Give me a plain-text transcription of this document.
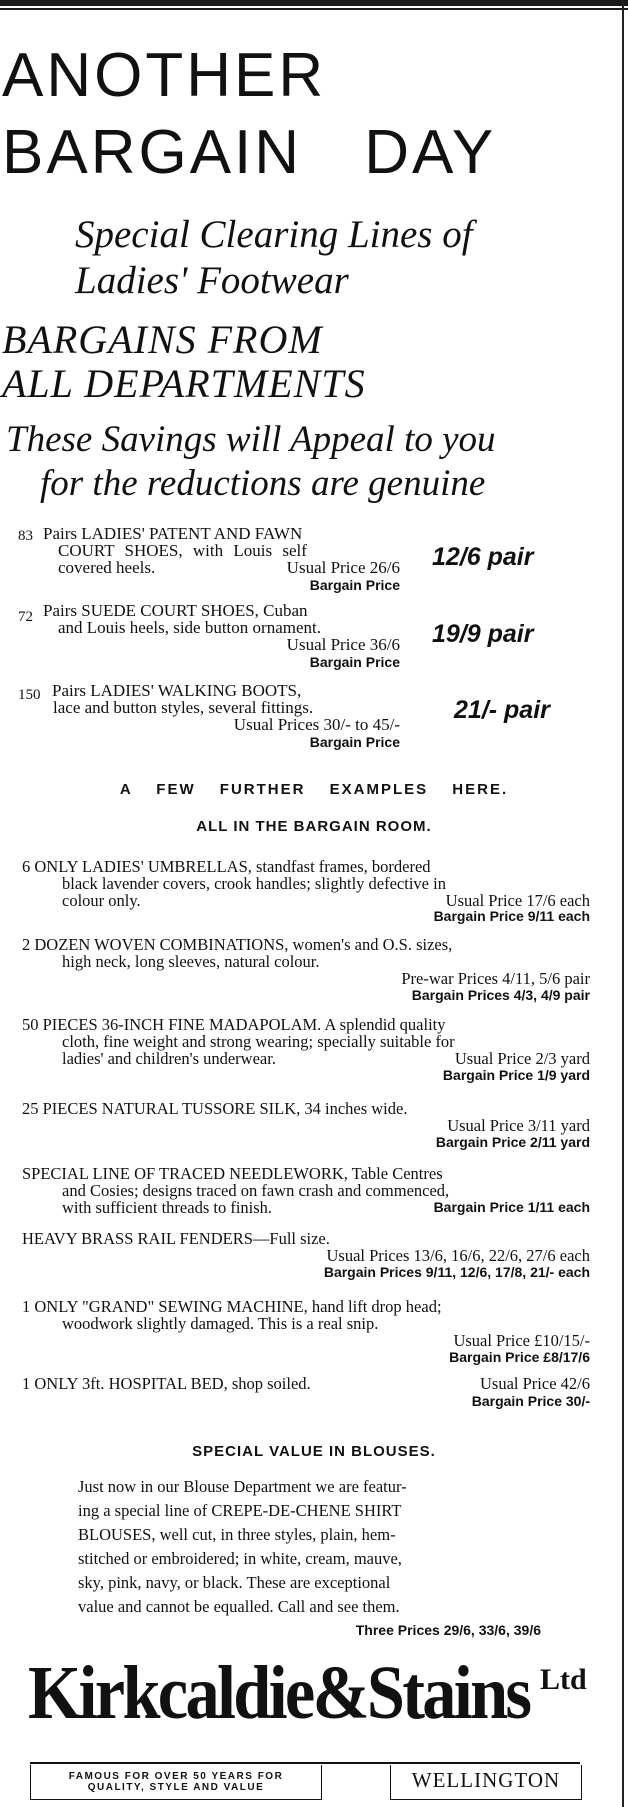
ANOTHER
BARGAIN DAY
Special Clearing Lines of
Ladies' Footwear
BARGAINS FROM
ALL DEPARTMENTS
These Savings will Appeal to you
for the reductions are genuine
83 Pairs LADIES' PATENT AND FAWN
COURT SHOES, with Louis self
covered heels.	Usual Price 26/6
Bargain Price
12/6 pair
72 Pairs SUEDE COURT SHOES, Cuban
and Louis heels, side button ornament.
Usual Price 36/6
Bargain Price
19/9 pair
150 Pairs LADIES' WALKING BOOTS,
lace and button styles, several fittings.
Usual Prices 30/- to 45/-
Bargain Price
21/- pair
A FEW FURTHER EXAMPLES HERE.
ALL IN THE BARGAIN ROOM.
6 ONLY LADIES' UMBRELLAS, standfast frames, bordered
black lavender covers, crook handles; slightly defective in
colour only.	Usual Price 17/6 each
Bargain Price 9/11 each
2 DOZEN WOVEN COMBINATIONS, women's and O.S. sizes,
high neck, long sleeves, natural colour.
Pre-war Prices 4/11, 5/6 pair
Bargain Prices 4/3, 4/9 pair
50 PIECES 36-INCH FINE MADAPOLAM. A splendid quality
cloth, fine weight and strong wearing; specially suitable for
ladies' and children's underwear.	Usual Price 2/3 yard
Bargain Price 1/9 yard
25 PIECES NATURAL TUSSORE SILK, 34 inches wide.
Usual Price 3/11 yard
Bargain Price 2/11 yard
SPECIAL LINE OF TRACED NEEDLEWORK, Table Centres
and Cosies; designs traced on fawn crash and commenced,
with sufficient threads to finish.	Bargain Price 1/11 each
HEAVY BRASS RAIL FENDERS—Full size.
Usual Prices 13/6, 16/6, 22/6, 27/6 each
Bargain Prices 9/11, 12/6, 17/8, 21/- each
1 ONLY "GRAND" SEWING MACHINE, hand lift drop head;
woodwork slightly damaged. This is a real snip.
Usual Price £10/15/-
Bargain Price £8/17/6
1 ONLY 3ft. HOSPITAL BED, shop soiled.	Usual Price 42/6
Bargain Price 30/-
SPECIAL VALUE IN BLOUSES.
Just now in our Blouse Department we are featur-
ing a special line of CREPE-DE-CHENE SHIRT
BLOUSES, well cut, in three styles, plain, hem-
stitched or embroidered; in white, cream, mauve,
sky, pink, navy, or black. These are exceptional
value and cannot be equalled. Call and see them.
Three Prices 29/6, 33/6, 39/6
Kirkcaldie&Stains Ltd
FAMOUS FOR OVER 50 YEARS FOR
QUALITY, STYLE AND VALUE	WELLINGTON
